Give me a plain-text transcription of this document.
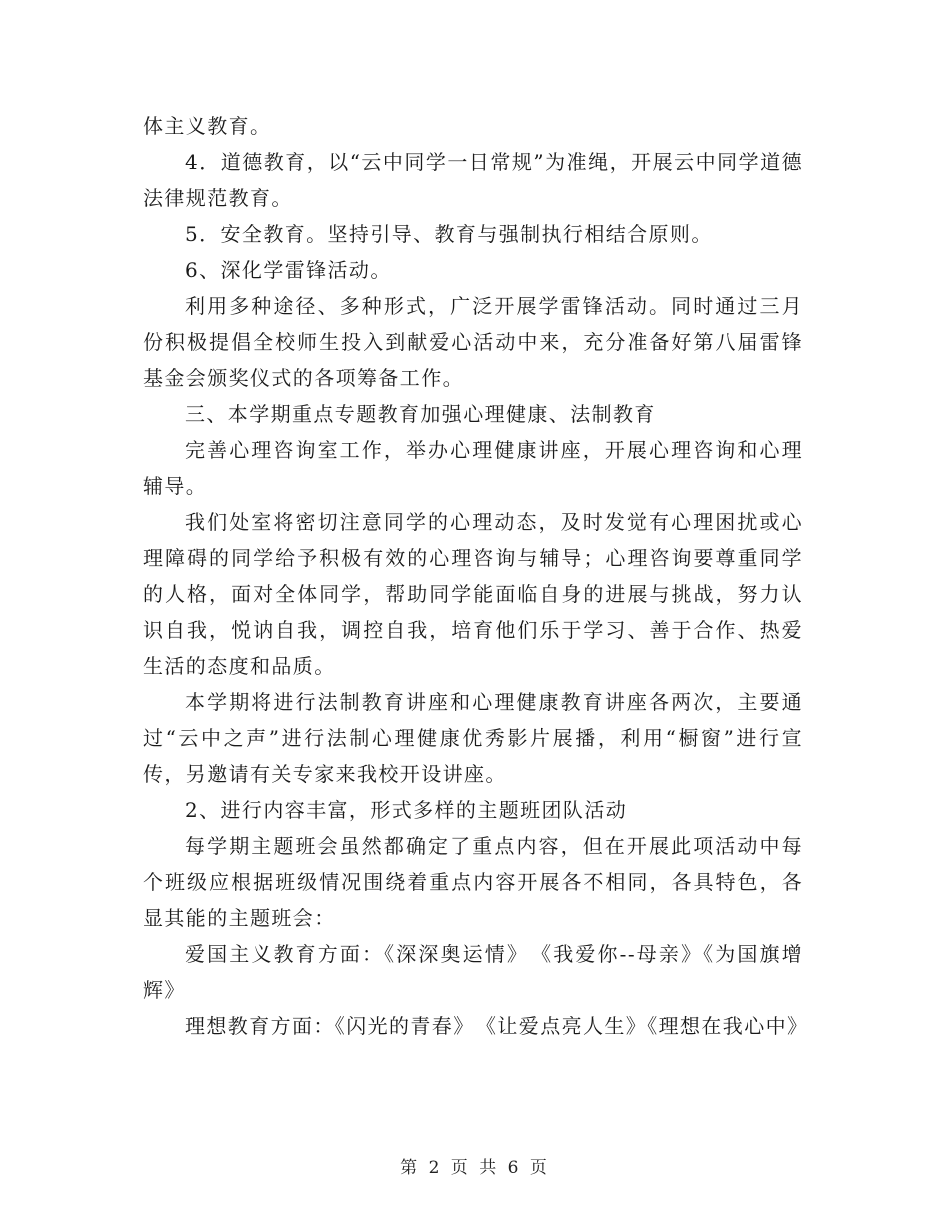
体主义教育。

4．道德教育，以“云中同学一日常规”为准绳，开展云中同学道德法律规范教育。

5．安全教育。坚持引导、教育与强制执行相结合原则。

6、深化学雷锋活动。

利用多种途径、多种形式，广泛开展学雷锋活动。同时通过三月份积极提倡全校师生投入到献爱心活动中来，充分准备好第八届雷锋基金会颁奖仪式的各项筹备工作。

三、本学期重点专题教育加强心理健康、法制教育

完善心理咨询室工作，举办心理健康讲座，开展心理咨询和心理辅导。

我们处室将密切注意同学的心理动态，及时发觉有心理困扰或心理障碍的同学给予积极有效的心理咨询与辅导；心理咨询要尊重同学的人格，面对全体同学，帮助同学能面临自身的进展与挑战，努力认识自我，悦讷自我，调控自我，培育他们乐于学习、善于合作、热爱生活的态度和品质。

本学期将进行法制教育讲座和心理健康教育讲座各两次，主要通过“云中之声”进行法制心理健康优秀影片展播，利用“橱窗”进行宣传，另邀请有关专家来我校开设讲座。

2、进行内容丰富，形式多样的主题班团队活动

每学期主题班会虽然都确定了重点内容，但在开展此项活动中每个班级应根据班级情况围绕着重点内容开展各不相同，各具特色，各显其能的主题班会：

爱国主义教育方面：《深深奥运情》　《我爱你--母亲》《为国旗增辉》

理想教育方面：《闪光的青春》　《让爱点亮人生》《理想在我心中》

第 2 页 共 6 页
